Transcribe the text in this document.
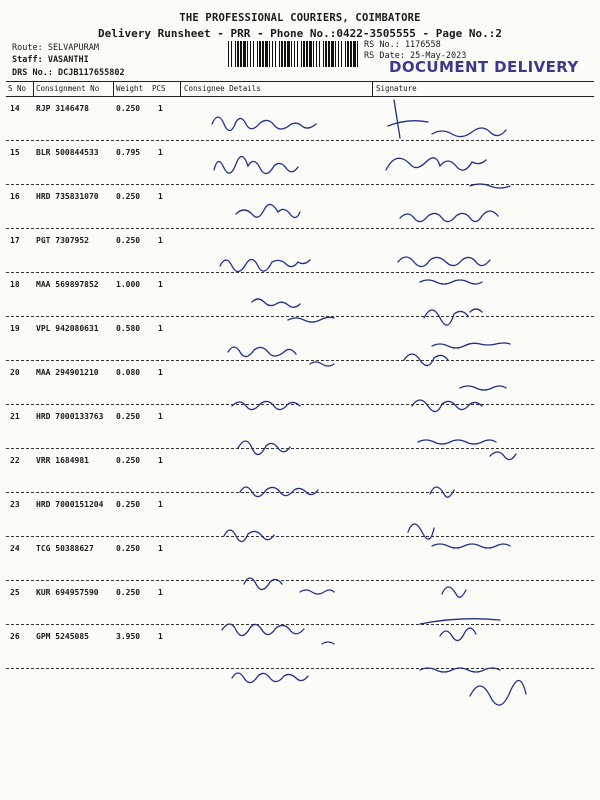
THE PROFESSIONAL COURIERS, COIMBATORE
Delivery Runsheet - PRR - Phone No.:0422-3505555 - Page No.:2
Route: SELVAPURAM
Staff: VASANTHI
DRS No.: DCJB117655802
RS No.: 1176558
RS Date: 25-May-2023
DOCUMENT DELIVERY
S No Consignment No Weight PCS Consignee Details	Signature
14 RJP 3146478	0.250 1
15 BLR 500844533 0.795 1
16 HRD 735831070 0.250 1
17 PGT 7307952	0.250 1
18 MAA 569897852 1.000 1
19 VPL 942080631 0.580 1
20 MAA 294901210 0.080 1
21 HRD 7000133763 0.250 1
22 VRR 1684981	0.250 1
23 HRD 7000151204 0.250 1
24 TCG 50388627	0.250 1
25 KUR 694957590 0.250 1
26 GPM 5245085	3.950 1
